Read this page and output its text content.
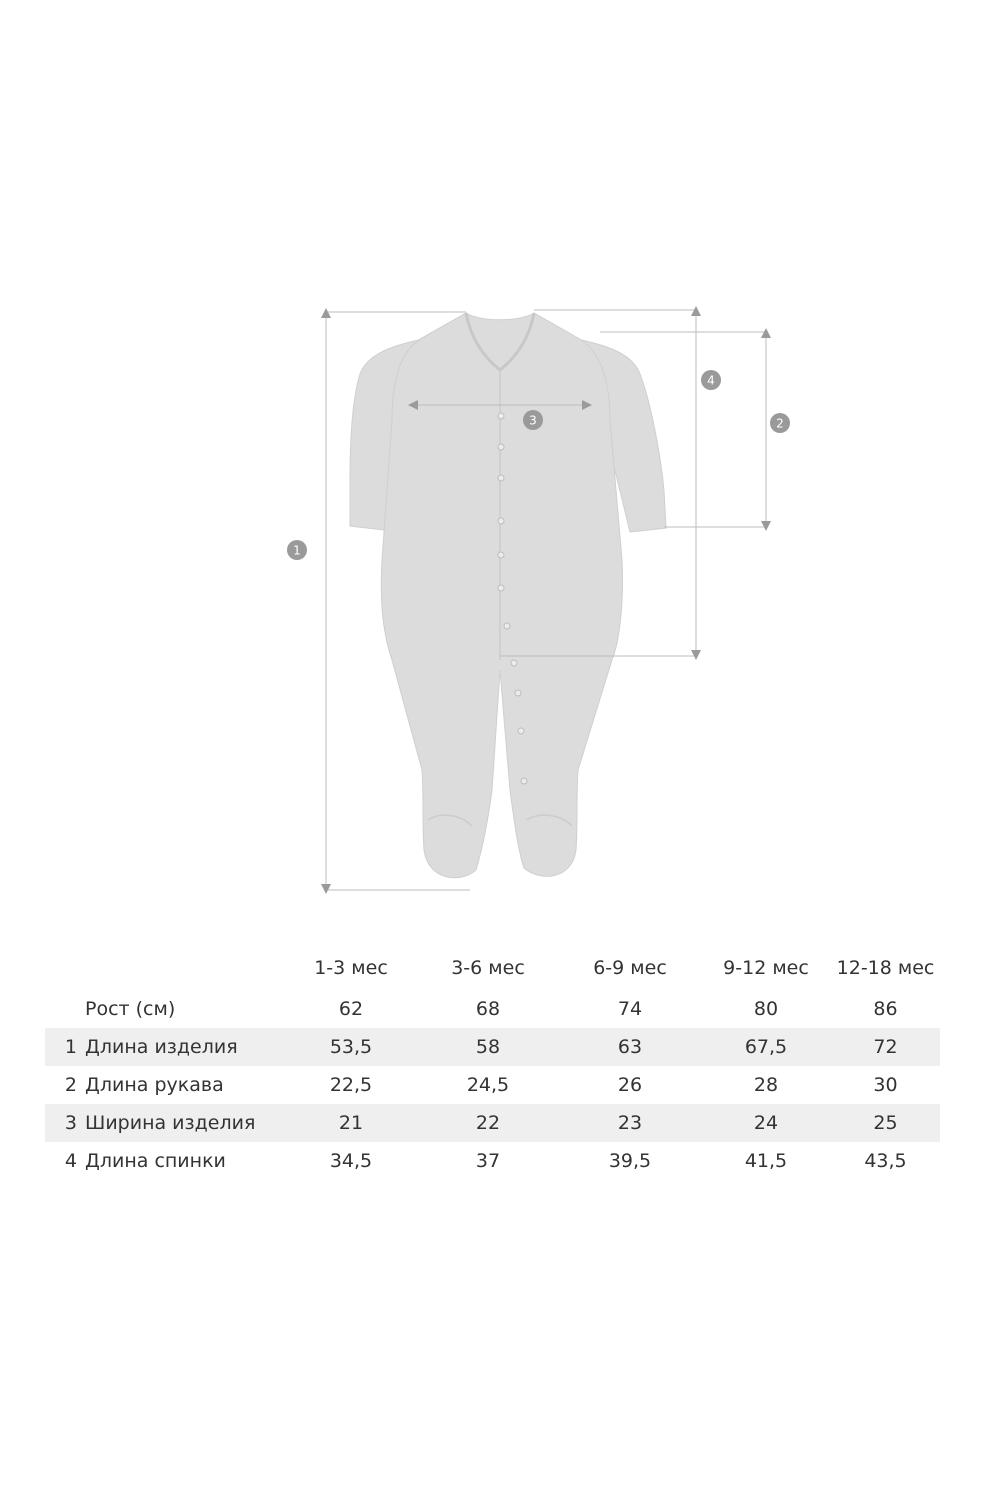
1
2
3
4
		1-3 мес	3-6 мес	6-9 мес	9-12 мес	12-18 мес
	Рост (см)	62	68	74	80	86
1	Длина изделия	53,5	58	63	67,5	72
2	Длина рукава	22,5	24,5	26	28	30
3	Ширина изделия	21	22	23	24	25
4	Длина спинки	34,5	37	39,5	41,5	43,5
